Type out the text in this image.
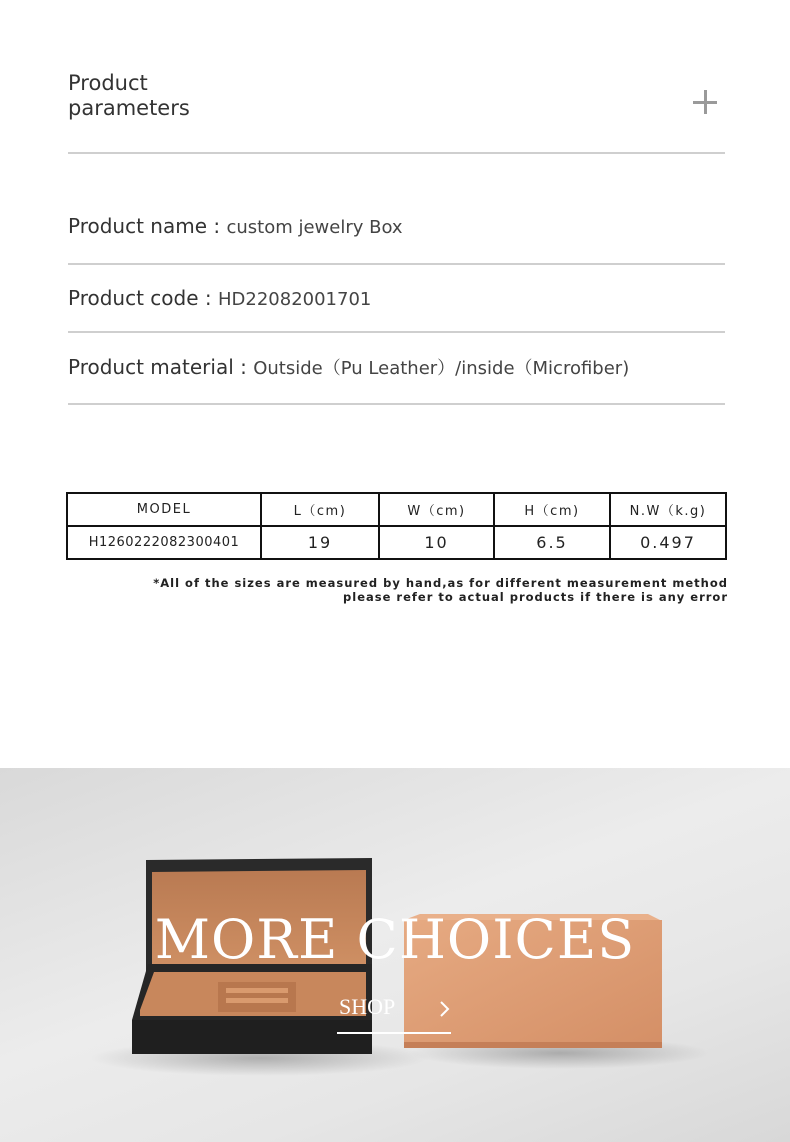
Product parameters
Product name : custom jewelry Box
Product code : HD22082001701
Product material : Outside（Pu Leather）/inside（Microfiber)
MODEL	L（cm)	W（cm)	H（cm)	N.W（k.g)
H1260222082300401	19	10	6.5	0.497
*All of the sizes are measured by hand,as for different measurement method
please refer to actual products if there is any error
MORE CHOICES
SHOP
